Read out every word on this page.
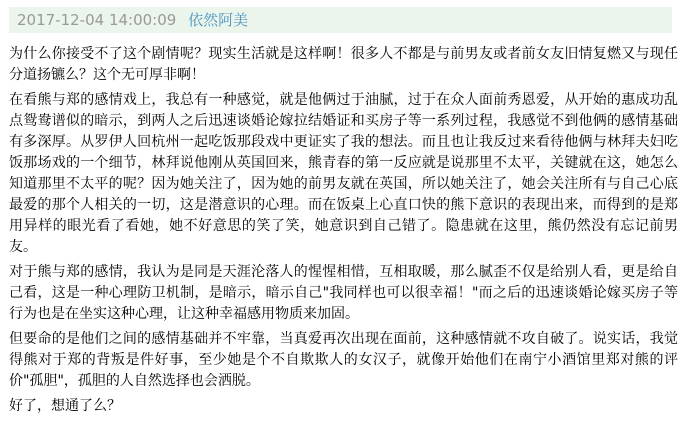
2017-12-04 14:00:09 依然阿美

为什么你接受不了这个剧情呢？现实生活就是这样啊！很多人不都是与前男友或者前女友旧情复燃又与现任分道扬镳么？这个无可厚非啊！

在看熊与郑的感情戏上，我总有一种感觉，就是他俩过于油腻，过于在众人面前秀恩爱，从开始的惠成功乱点鸳鸯谱似的暗示，到两人之后迅速谈婚论嫁拉结婚证和买房子等一系列过程，我感觉不到他俩的感情基础有多深厚。从罗伊人回杭州一起吃饭那段戏中更证实了我的想法。而且也让我反过来看待他俩与林拜夫妇吃饭那场戏的一个细节，林拜说他刚从英国回来，熊青春的第一反应就是说那里不太平，关键就在这，她怎么知道那里不太平的呢？因为她关注了，因为她的前男友就在英国，所以她关注了，她会关注所有与自己心底最爱的那个人相关的一切，这是潜意识的心理。而在饭桌上心直口快的熊下意识的表现出来，而得到的是郑用异样的眼光看了看她，她不好意思的笑了笑，她意识到自己错了。隐患就在这里，熊仍然没有忘记前男友。

对于熊与郑的感情，我认为是同是天涯沦落人的惺惺相惜，互相取暖，那么腻歪不仅是给别人看，更是给自己看，这是一种心理防卫机制，是暗示，暗示自己"我同样也可以很幸福！"而之后的迅速谈婚论嫁买房子等行为也是在坐实这种心理，让这种幸福感用物质来加固。

但要命的是他们之间的感情基础并不牢靠，当真爱再次出现在面前，这种感情就不攻自破了。说实话，我觉得熊对于郑的背叛是件好事，至少她是个不自欺欺人的女汉子，就像开始他们在南宁小酒馆里郑对熊的评价"孤胆"，孤胆的人自然选择也会洒脱。

好了，想通了么？
